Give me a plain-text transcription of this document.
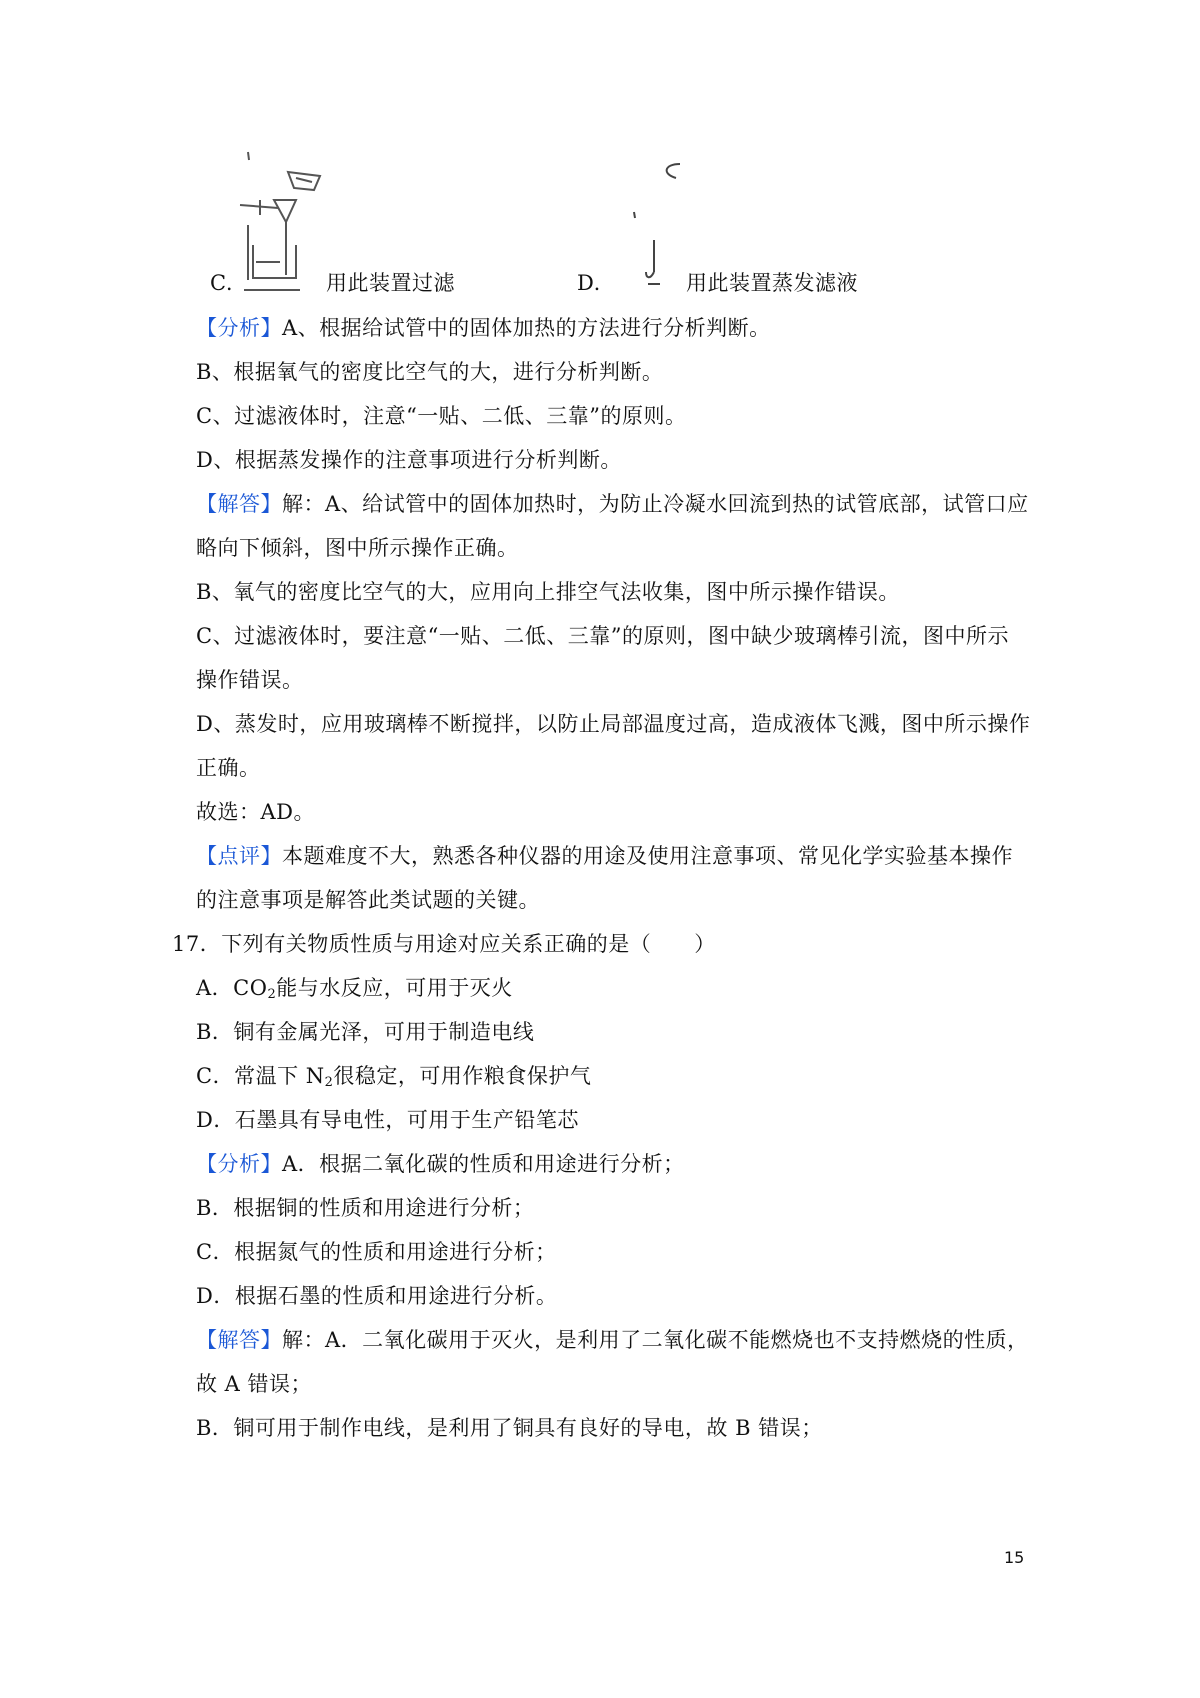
C.	用此装置过滤	D.	用此装置蒸发滤液
【分析】A、根据给试管中的固体加热的方法进行分析判断。
B、根据氧气的密度比空气的大，进行分析判断。
C、过滤液体时，注意“一贴、二低、三靠”的原则。
D、根据蒸发操作的注意事项进行分析判断。
【解答】解：A、给试管中的固体加热时，为防止冷凝水回流到热的试管底部，试管口应
略向下倾斜，图中所示操作正确。
B、氧气的密度比空气的大，应用向上排空气法收集，图中所示操作错误。
C、过滤液体时，要注意“一贴、二低、三靠”的原则，图中缺少玻璃棒引流，图中所示
操作错误。
D、蒸发时，应用玻璃棒不断搅拌，以防止局部温度过高，造成液体飞溅，图中所示操作
正确。
故选：AD。
【点评】本题难度不大，熟悉各种仪器的用途及使用注意事项、常见化学实验基本操作
的注意事项是解答此类试题的关键。
17．下列有关物质性质与用途对应关系正确的是（　　）
A．$CO_2$能与水反应，可用于灭火
B．铜有金属光泽，可用于制造电线
C．常温下 $N_2$很稳定，可用作粮食保护气
D．石墨具有导电性，可用于生产铅笔芯
【分析】A．根据二氧化碳的性质和用途进行分析；
B．根据铜的性质和用途进行分析；
C．根据氮气的性质和用途进行分析；
D．根据石墨的性质和用途进行分析。
【解答】解：A．二氧化碳用于灭火，是利用了二氧化碳不能燃烧也不支持燃烧的性质，
故 A 错误；
B．铜可用于制作电线，是利用了铜具有良好的导电，故 B 错误；
15
